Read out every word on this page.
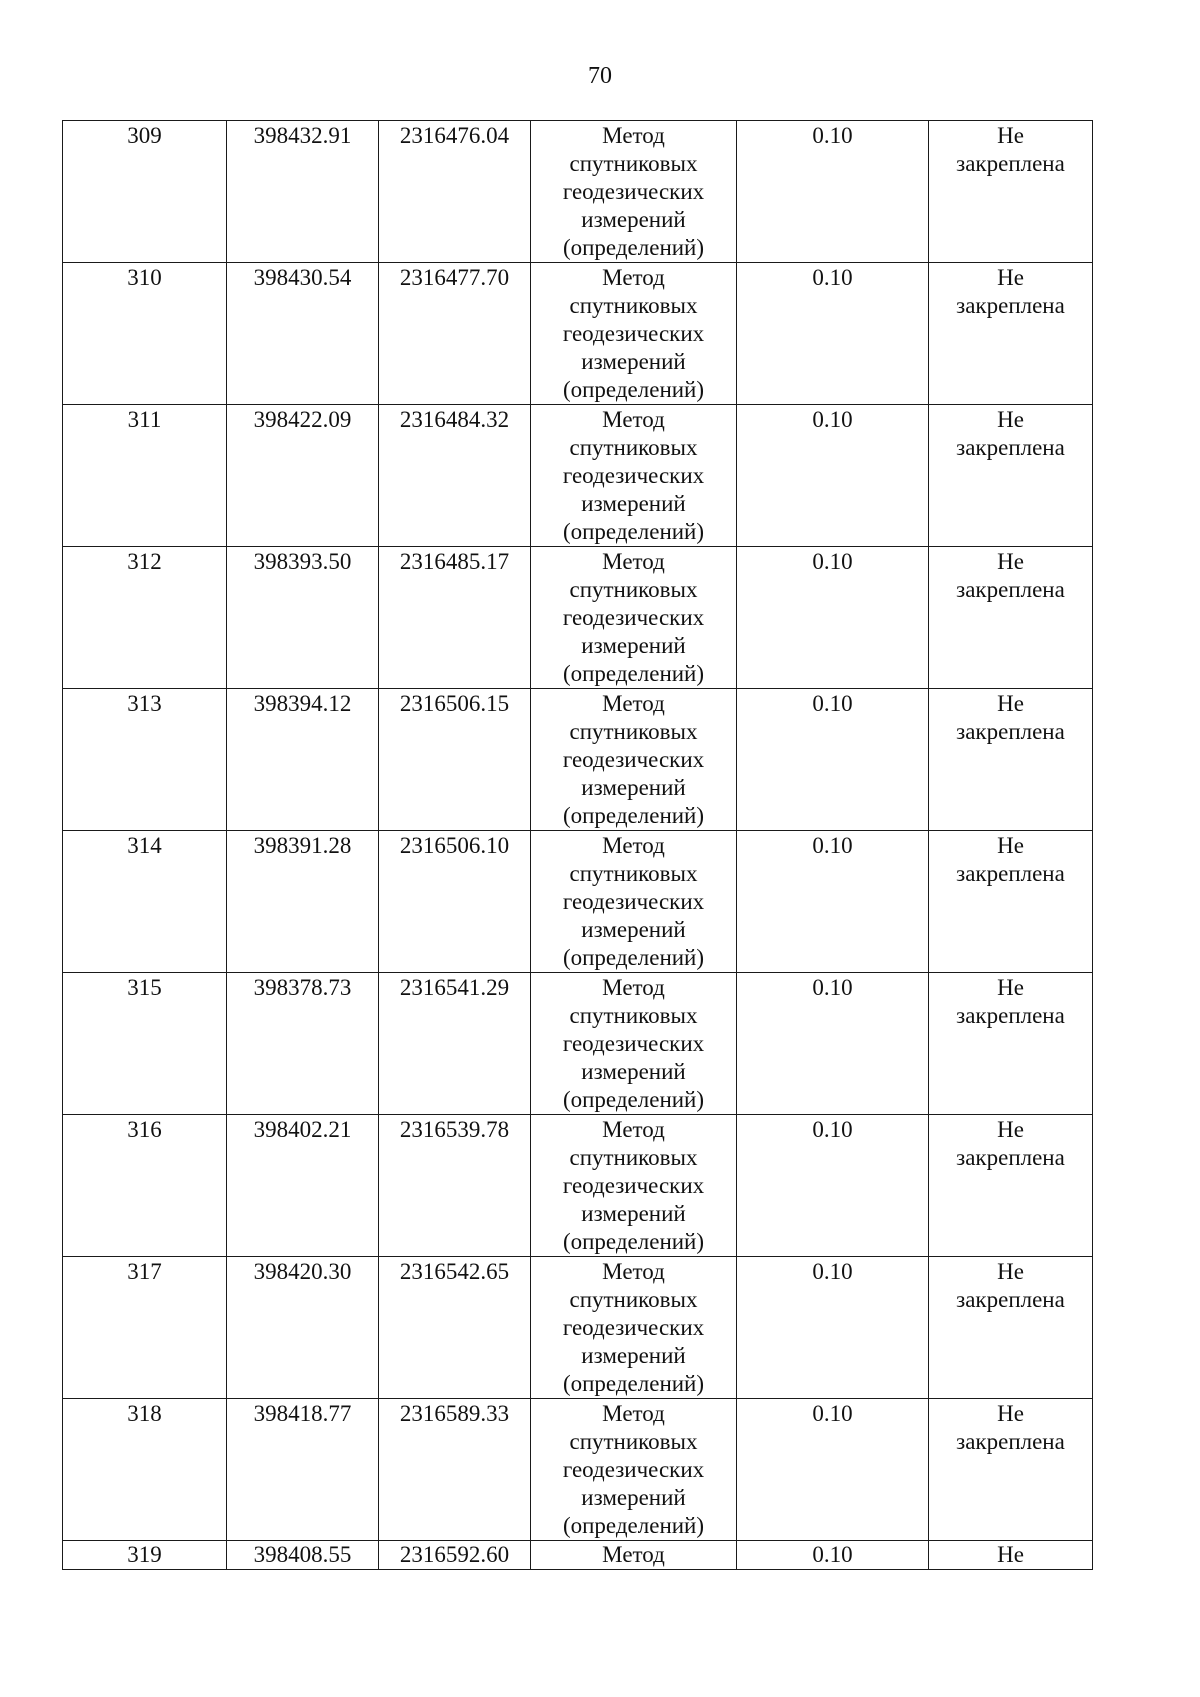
70
309	398432.91	2316476.04	Метод спутниковых геодезических измерений (определений)	0.10	Не закреплена
310	398430.54	2316477.70	Метод спутниковых геодезических измерений (определений)	0.10	Не закреплена
311	398422.09	2316484.32	Метод спутниковых геодезических измерений (определений)	0.10	Не закреплена
312	398393.50	2316485.17	Метод спутниковых геодезических измерений (определений)	0.10	Не закреплена
313	398394.12	2316506.15	Метод спутниковых геодезических измерений (определений)	0.10	Не закреплена
314	398391.28	2316506.10	Метод спутниковых геодезических измерений (определений)	0.10	Не закреплена
315	398378.73	2316541.29	Метод спутниковых геодезических измерений (определений)	0.10	Не закреплена
316	398402.21	2316539.78	Метод спутниковых геодезических измерений (определений)	0.10	Не закреплена
317	398420.30	2316542.65	Метод спутниковых геодезических измерений (определений)	0.10	Не закреплена
318	398418.77	2316589.33	Метод спутниковых геодезических измерений (определений)	0.10	Не закреплена
319	398408.55	2316592.60	Метод	0.10	Не
